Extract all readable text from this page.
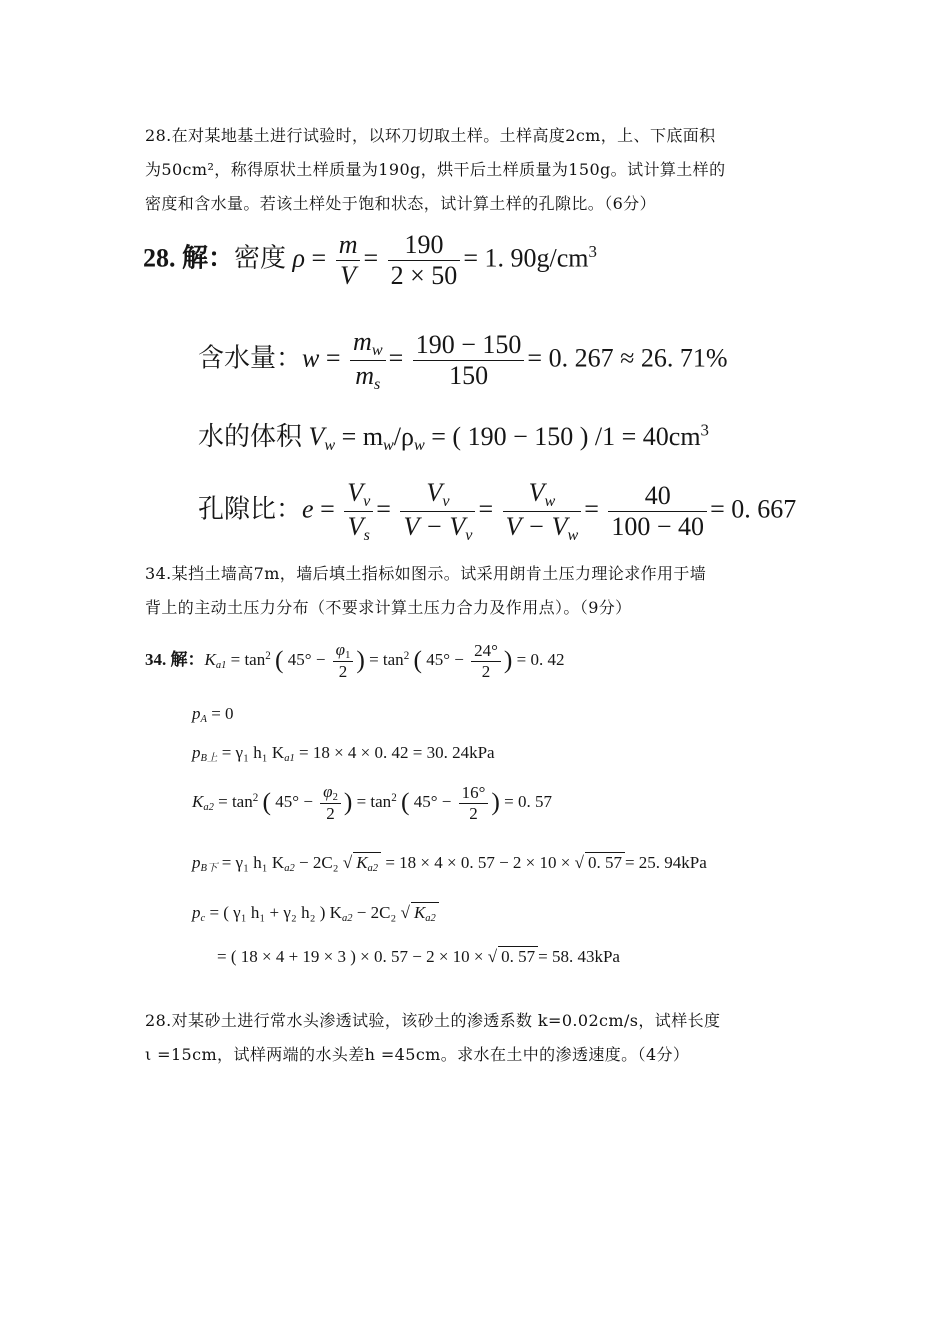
28.在对某地基土进行试验时，以环刀切取土样。土样高度2cm，上、下底面积
为50cm²，称得原状土样质量为190g，烘干后土样质量为150g。试计算土样的
密度和含水量。若该土样处于饱和状态，试计算土样的孔隙比。（6分）
28. 解：密度 $\rho = \frac{m}{V} = \frac{190}{2 \times 50} = 1$. $90g/cm^3$
含水量：$w = \frac{m_w}{m_s} = \frac{190 - 150}{150} = 0$. 267 ≈ 26. 71%
水的体积 $V_w = m_w/\rho_w$ = ( 190 − 150 ) $/1 = 40cm^3$
孔隙比：$e = \frac{V_v}{V_s} = \frac{V_v}{V - V_v} = \frac{V_w}{V - V_w} = \frac{40}{100 - 40} = 0$. 667
34.某挡土墙高7m，墙后填土指标如图示。试采用朗肯土压力理论求作用于墙
背上的主动土压力分布（不要求计算土压力合力及作用点）。（9分）
34. 解：$K_{a1} = \tan^2$ ( $45^\circ - \frac{\varphi_1}{2}$ ) = $\tan^2$ ( $45^\circ - \frac{24^\circ}{2}$ ) = 0. 42
$p_A = 0$
$p_{B上} = \gamma_1$ h₁ $K_{a1} = 18 \times 4 \times 0$. 42 = 30. 24kPa
$K_{a2} = \tan^2$ ( $45^\circ - \frac{\varphi_2}{2}$ ) = $\tan^2$ ( $45^\circ - \frac{16^\circ}{2}$ ) = 0. 57
$p_{B下} = \gamma_1$ h₁ $K_{a2} - 2C_2$ √ $K_{a2} = 18 \times 4 \times 0$. 57 − 2 × 10 × √ 0. 57 = 25. 94kPa
$p_c$ = ( γ₁ h₁ + γ₂ h₂ ) $K_{a2} - 2C_2$ √ $K_{a2}$
= ( 18 × 4 + 19 × 3 ) × 0. 57 − 2 × 10 × √ 0. 57 = 58. 43kPa
28.对某砂土进行常水头渗透试验，该砂土的渗透系数 k=0.02cm/s，试样长度
ι =15cm，试样两端的水头差h =45cm。求水在土中的渗透速度。（4分）
